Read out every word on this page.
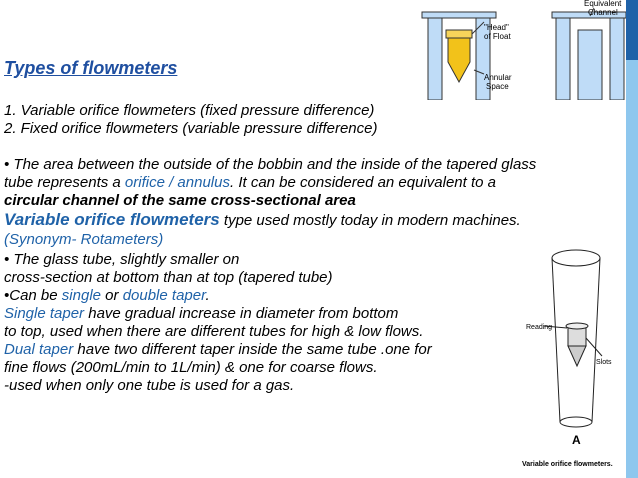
"Head"
of Float
Annular
Space
Equivalent
Channel
Reading
Slots
A
Variable orifice flowmeters.
Types of flowmeters
1. Variable orifice flowmeters (fixed pressure difference)
2. Fixed orifice flowmeters (variable pressure difference)
• The area between the outside of the bobbin and the inside of the tapered glass
tube represents a orifice / annulus. It can be considered an equivalent to a
circular channel of the same cross-sectional area
Variable orifice flowmeters type used mostly today in modern machines.
(Synonym- Rotameters)
• The glass tube, slightly smaller on
cross-section at bottom than at top (tapered tube)
•Can be single or double taper.
Single taper have gradual increase in diameter from bottom
to top, used when there are different tubes for high & low flows.
Dual taper have two different taper inside the same tube .one for
fine flows (200mL/min to 1L/min) & one for coarse flows.
-used when only one tube is used for a gas.
